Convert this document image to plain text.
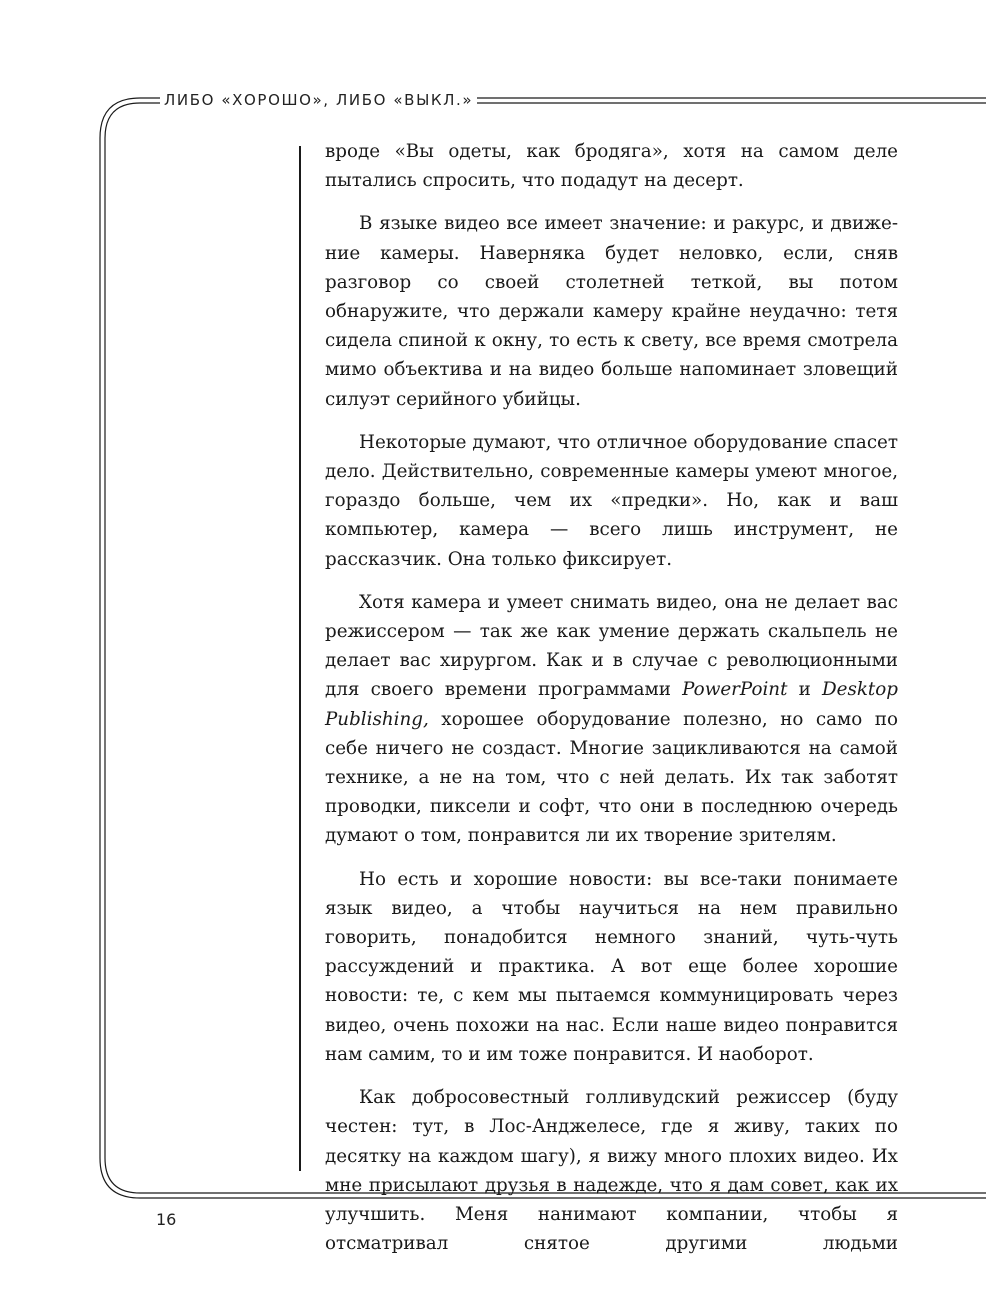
ЛИБО «ХОРОШО», ЛИБО «ВЫКЛ.»

вроде «Вы одеты, как бродяга», хотя на самом деле пытались спросить, что подадут на десерт.

В языке видео все имеет значение: и ракурс, и движение камеры. Наверняка будет неловко, если, сняв разговор со своей столетней теткой, вы потом обнаружите, что держали камеру крайне неудачно: тетя сидела спиной к окну, то есть к свету, все время смотрела мимо объектива и на видео больше напоминает зловещий силуэт серийного убийцы.

Некоторые думают, что отличное оборудование спасет дело. Действительно, современные камеры умеют многое, гораздо больше, чем их «предки». Но, как и ваш компьютер, камера — всего лишь инструмент, не рассказчик. Она только фиксирует.

Хотя камера и умеет снимать видео, она не делает вас режиссером — так же как умение держать скальпель не делает вас хирургом. Как и в случае с революционными для своего времени программами PowerPoint и Desktop Publishing, хорошее оборудование полезно, но само по себе ничего не создаст. Многие зацикливаются на самой технике, а не на том, что с ней делать. Их так заботят проводки, пиксели и софт, что они в последнюю очередь думают о том, понравится ли их творение зрителям.

Но есть и хорошие новости: вы все-таки понимаете язык видео, а чтобы научиться на нем правильно говорить, понадобится немного знаний, чуть-чуть рассуждений и практика. А вот еще более хорошие новости: те, с кем мы пытаемся коммуницировать через видео, очень похожи на нас. Если наше видео понравится нам самим, то и им тоже понравится. И наоборот.

Как добросовестный голливудский режиссер (буду честен: тут, в Лос-Анджелесе, где я живу, таких по десятку на каждом шагу), я вижу много плохих видео. Их мне присылают друзья в надежде, что я дам совет, как их улучшить. Меня нанимают компании, чтобы я отсматривал снятое другими людьми

16
